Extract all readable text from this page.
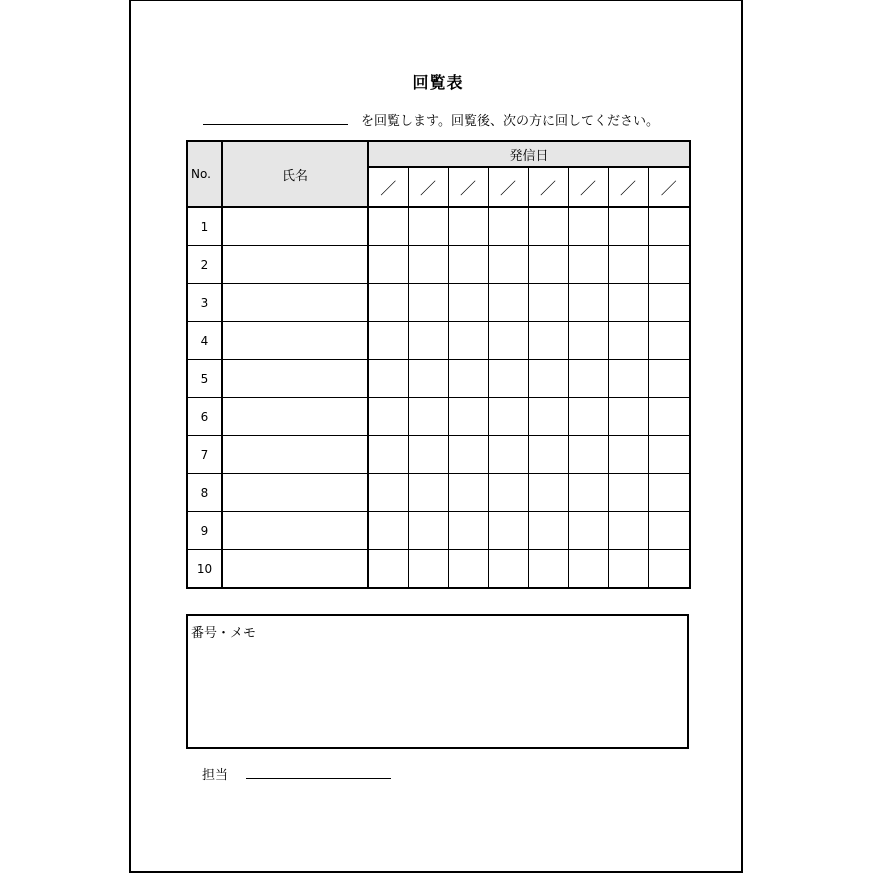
回覧表
を回覧します。回覧後、次の方に回してください。
No.	氏名	発信日							
		／	／	／	／	／	／	／	／
1									
2									
3									
4									
5									
6									
7									
8									
9									
10									
番号・メモ
担当
